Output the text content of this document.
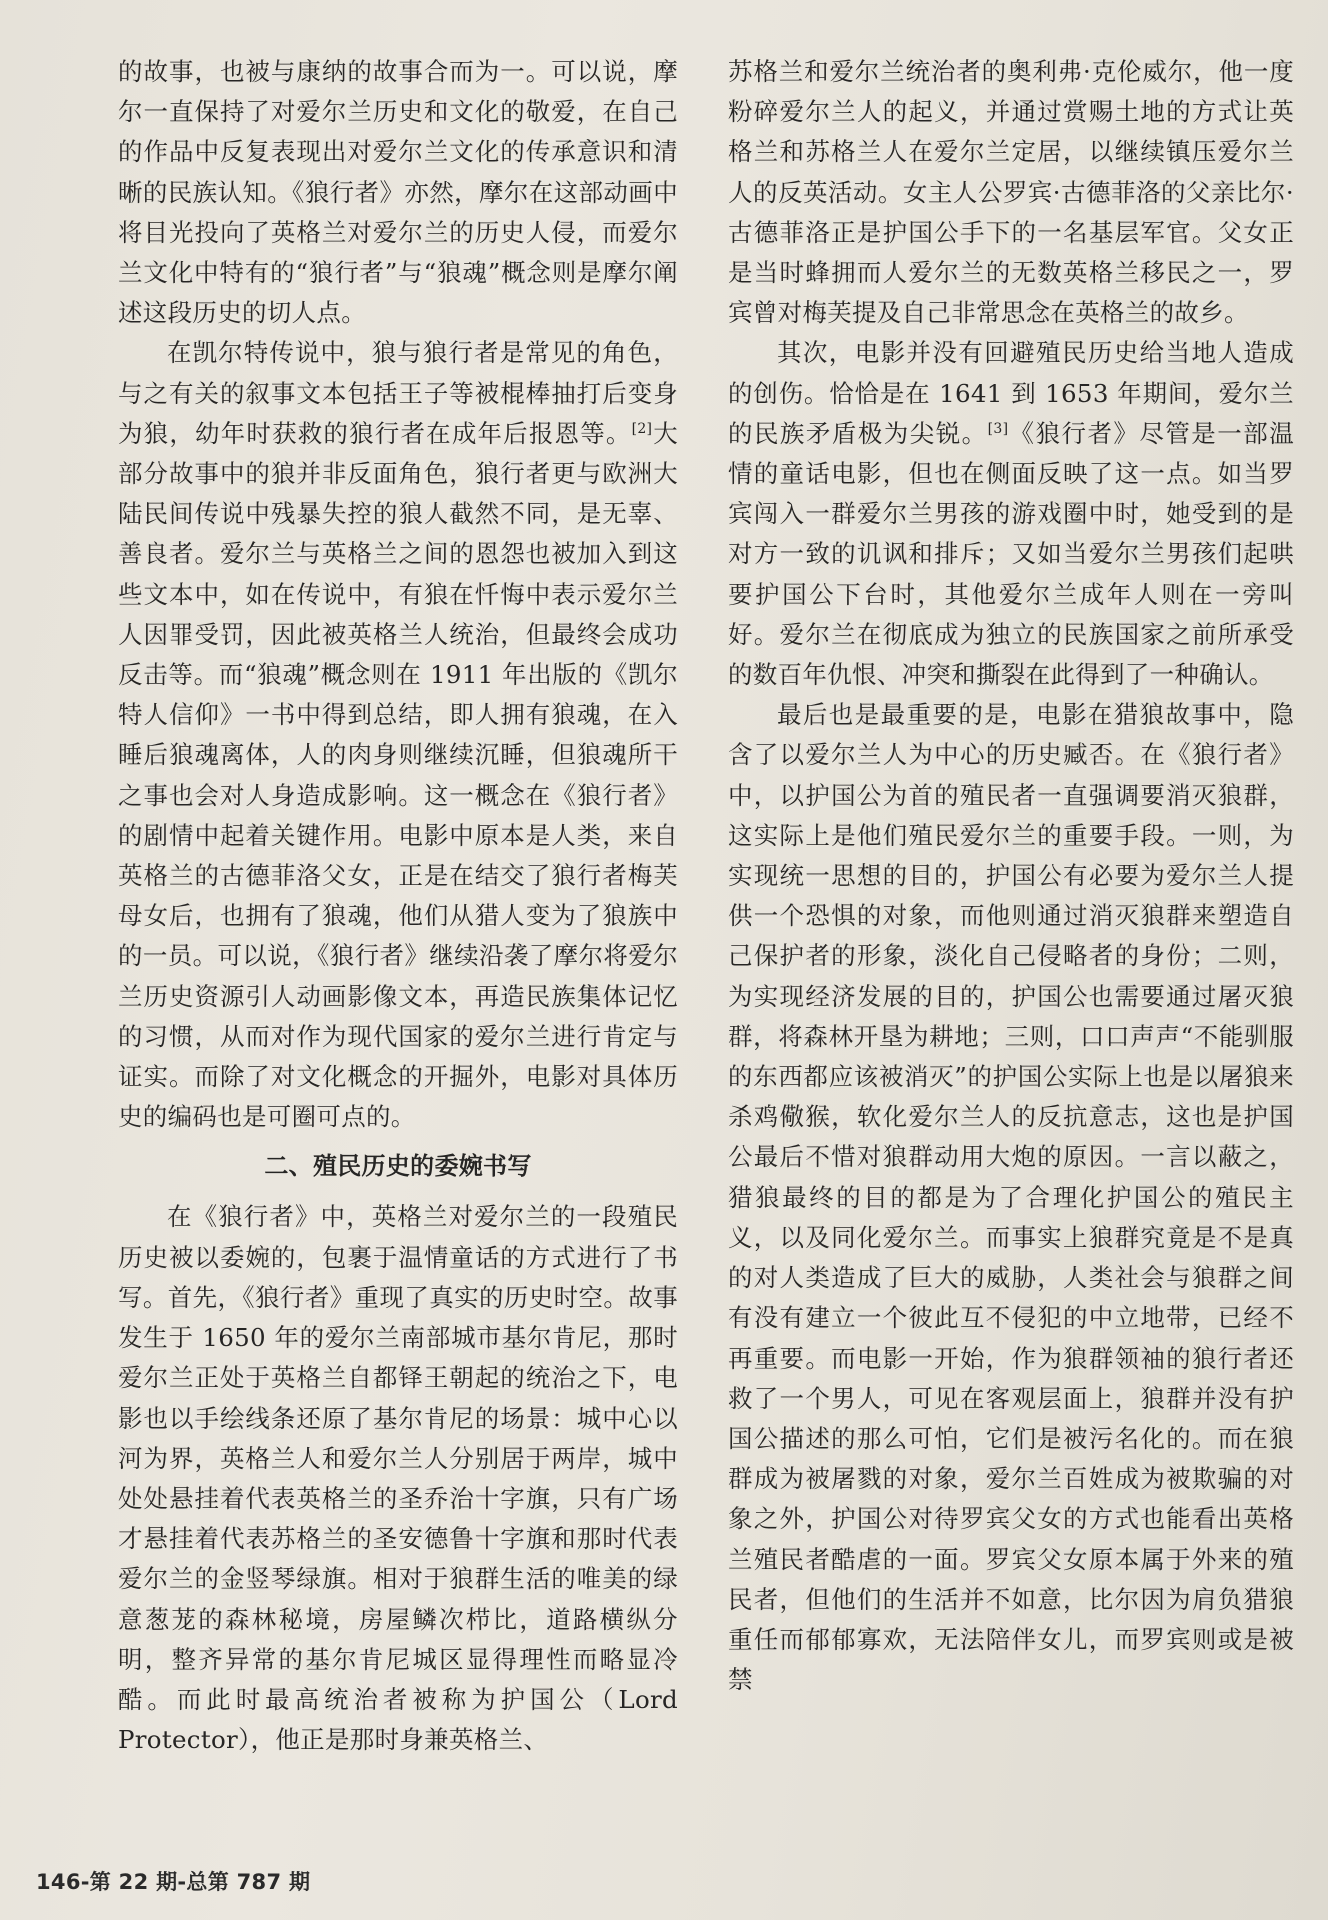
的故事，也被与康纳的故事合而为一。可以说，摩尔一直保持了对爱尔兰历史和文化的敬爱，在自己的作品中反复表现出对爱尔兰文化的传承意识和清晰的民族认知。《狼行者》亦然，摩尔在这部动画中将目光投向了英格兰对爱尔兰的历史人侵，而爱尔兰文化中特有的“狼行者”与“狼魂”概念则是摩尔阐述这段历史的切人点。

在凯尔特传说中，狼与狼行者是常见的角色，与之有关的叙事文本包括王子等被棍棒抽打后变身为狼，幼年时获救的狼行者在成年后报恩等。[2]大部分故事中的狼并非反面角色，狼行者更与欧洲大陆民间传说中残暴失控的狼人截然不同，是无辜、善良者。爱尔兰与英格兰之间的恩怨也被加入到这些文本中，如在传说中，有狼在忏悔中表示爱尔兰人因罪受罚，因此被英格兰人统治，但最终会成功反击等。而“狼魂”概念则在 1911 年出版的《凯尔特人信仰》一书中得到总结，即人拥有狼魂，在入睡后狼魂离体，人的肉身则继续沉睡，但狼魂所干之事也会对人身造成影响。这一概念在《狼行者》的剧情中起着关键作用。电影中原本是人类，来自英格兰的古德菲洛父女，正是在结交了狼行者梅芙母女后，也拥有了狼魂，他们从猎人变为了狼族中的一员。可以说，《狼行者》继续沿袭了摩尔将爱尔兰历史资源引人动画影像文本，再造民族集体记忆的习惯，从而对作为现代国家的爱尔兰进行肯定与证实。而除了对文化概念的开掘外，电影对具体历史的编码也是可圈可点的。

二、殖民历史的委婉书写

在《狼行者》中，英格兰对爱尔兰的一段殖民历史被以委婉的，包裹于温情童话的方式进行了书写。首先，《狼行者》重现了真实的历史时空。故事发生于 1650 年的爱尔兰南部城市基尔肯尼，那时爱尔兰正处于英格兰自都铎王朝起的统治之下，电影也以手绘线条还原了基尔肯尼的场景：城中心以河为界，英格兰人和爱尔兰人分别居于两岸，城中处处悬挂着代表英格兰的圣乔治十字旗，只有广场才悬挂着代表苏格兰的圣安德鲁十字旗和那时代表爱尔兰的金竖琴绿旗。相对于狼群生活的唯美的绿意葱茏的森林秘境，房屋鳞次栉比，道路横纵分明，整齐异常的基尔肯尼城区显得理性而略显冷酷。而此时最高统治者被称为护国公（Lord Protector），他正是那时身兼英格兰、

苏格兰和爱尔兰统治者的奥利弗·克伦威尔，他一度粉碎爱尔兰人的起义，并通过赏赐土地的方式让英格兰和苏格兰人在爱尔兰定居，以继续镇压爱尔兰人的反英活动。女主人公罗宾·古德菲洛的父亲比尔·古德菲洛正是护国公手下的一名基层军官。父女正是当时蜂拥而人爱尔兰的无数英格兰移民之一，罗宾曾对梅芙提及自己非常思念在英格兰的故乡。

其次，电影并没有回避殖民历史给当地人造成的创伤。恰恰是在 1641 到 1653 年期间，爱尔兰的民族矛盾极为尖锐。[3]《狼行者》尽管是一部温情的童话电影，但也在侧面反映了这一点。如当罗宾闯入一群爱尔兰男孩的游戏圈中时，她受到的是对方一致的讥讽和排斥；又如当爱尔兰男孩们起哄要护国公下台时，其他爱尔兰成年人则在一旁叫好。爱尔兰在彻底成为独立的民族国家之前所承受的数百年仇恨、冲突和撕裂在此得到了一种确认。

最后也是最重要的是，电影在猎狼故事中，隐含了以爱尔兰人为中心的历史臧否。在《狼行者》中，以护国公为首的殖民者一直强调要消灭狼群，这实际上是他们殖民爱尔兰的重要手段。一则，为实现统一思想的目的，护国公有必要为爱尔兰人提供一个恐惧的对象，而他则通过消灭狼群来塑造自己保护者的形象，淡化自己侵略者的身份；二则，为实现经济发展的目的，护国公也需要通过屠灭狼群，将森林开垦为耕地；三则，口口声声“不能驯服的东西都应该被消灭”的护国公实际上也是以屠狼来杀鸡儆猴，软化爱尔兰人的反抗意志，这也是护国公最后不惜对狼群动用大炮的原因。一言以蔽之，猎狼最终的目的都是为了合理化护国公的殖民主义，以及同化爱尔兰。而事实上狼群究竟是不是真的对人类造成了巨大的威胁，人类社会与狼群之间有没有建立一个彼此互不侵犯的中立地带，已经不再重要。而电影一开始，作为狼群领袖的狼行者还救了一个男人，可见在客观层面上，狼群并没有护国公描述的那么可怕，它们是被污名化的。而在狼群成为被屠戮的对象，爱尔兰百姓成为被欺骗的对象之外，护国公对待罗宾父女的方式也能看出英格兰殖民者酷虐的一面。罗宾父女原本属于外来的殖民者，但他们的生活并不如意，比尔因为肩负猎狼重任而郁郁寡欢，无法陪伴女儿，而罗宾则或是被禁

146-第 22 期-总第 787 期
